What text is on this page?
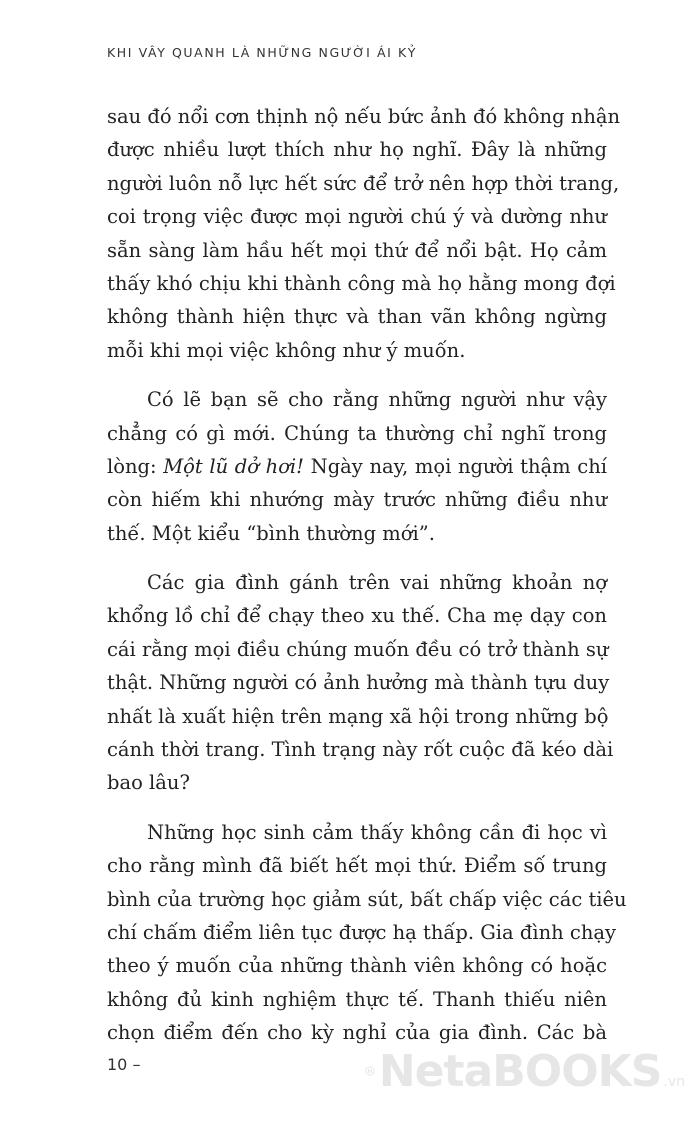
KHI VÂY QUANH LÀ NHỮNG NGƯỜI ÁI KỶ
sau đó nổi cơn thịnh nộ nếu bức ảnh đó không nhận
được nhiều lượt thích như họ nghĩ. Đây là những
người luôn nỗ lực hết sức để trở nên hợp thời trang,
coi trọng việc được mọi người chú ý và dường như
sẵn sàng làm hầu hết mọi thứ để nổi bật. Họ cảm
thấy khó chịu khi thành công mà họ hằng mong đợi
không thành hiện thực và than vãn không ngừng
mỗi khi mọi việc không như ý muốn.
Có lẽ bạn sẽ cho rằng những người như vậy
chẳng có gì mới. Chúng ta thường chỉ nghĩ trong
lòng: Một lũ dở hơi! Ngày nay, mọi người thậm chí
còn hiếm khi nhướng mày trước những điều như
thế. Một kiểu “bình thường mới”.
Các gia đình gánh trên vai những khoản nợ
khổng lồ chỉ để chạy theo xu thế. Cha mẹ dạy con
cái rằng mọi điều chúng muốn đều có trở thành sự
thật. Những người có ảnh hưởng mà thành tựu duy
nhất là xuất hiện trên mạng xã hội trong những bộ
cánh thời trang. Tình trạng này rốt cuộc đã kéo dài
bao lâu?
Những học sinh cảm thấy không cần đi học vì
cho rằng mình đã biết hết mọi thứ. Điểm số trung
bình của trường học giảm sút, bất chấp việc các tiêu
chí chấm điểm liên tục được hạ thấp. Gia đình chạy
theo ý muốn của những thành viên không có hoặc
không đủ kinh nghiệm thực tế. Thanh thiếu niên
chọn điểm đến cho kỳ nghỉ của gia đình. Các bà
10 –	NetaBOOKS .vn
